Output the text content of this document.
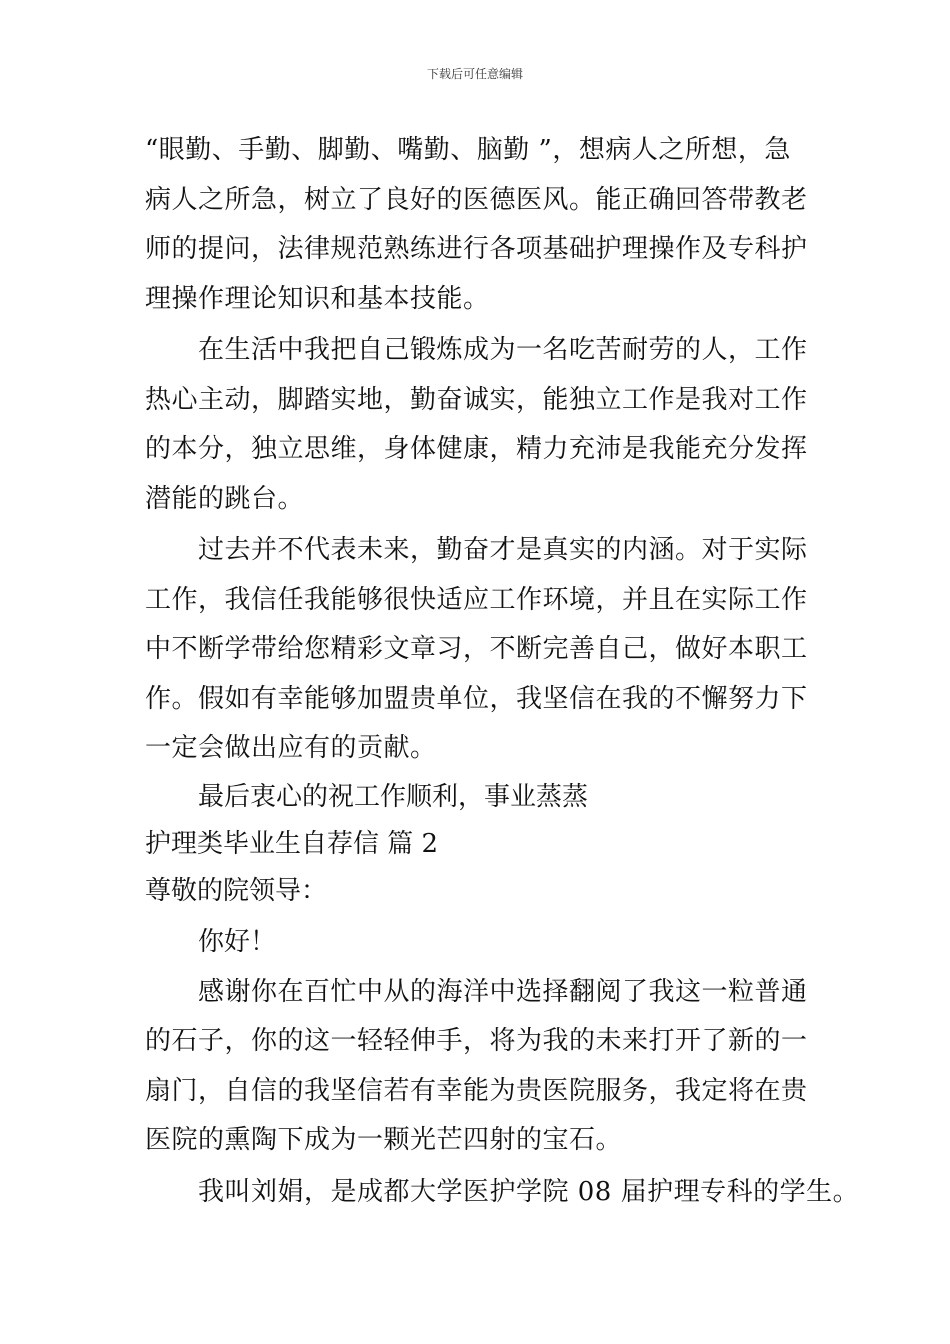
下载后可任意编辑

“眼勤、手勤、脚勤、嘴勤、脑勤 ”，想病人之所想，急
病人之所急，树立了良好的医德医风。能正确回答带教老
师的提问，法律规范熟练进行各项基础护理操作及专科护
理操作理论知识和基本技能。

在生活中我把自己锻炼成为一名吃苦耐劳的人，工作
热心主动，脚踏实地，勤奋诚实，能独立工作是我对工作
的本分，独立思维，身体健康，精力充沛是我能充分发挥
潜能的跳台。

过去并不代表未来，勤奋才是真实的内涵。对于实际
工作，我信任我能够很快适应工作环境，并且在实际工作
中不断学带给您精彩文章习，不断完善自己，做好本职工
作。假如有幸能够加盟贵单位，我坚信在我的不懈努力下
一定会做出应有的贡献。

最后衷心的祝工作顺利，事业蒸蒸

护理类毕业生自荐信 篇 2

尊敬的院领导：

你好！

感谢你在百忙中从的海洋中选择翻阅了我这一粒普通
的石子，你的这一轻轻伸手，将为我的未来打开了新的一
扇门，自信的我坚信若有幸能为贵医院服务，我定将在贵
医院的熏陶下成为一颗光芒四射的宝石。

我叫刘娟，是成都大学医护学院 08 届护理专科的学生。
